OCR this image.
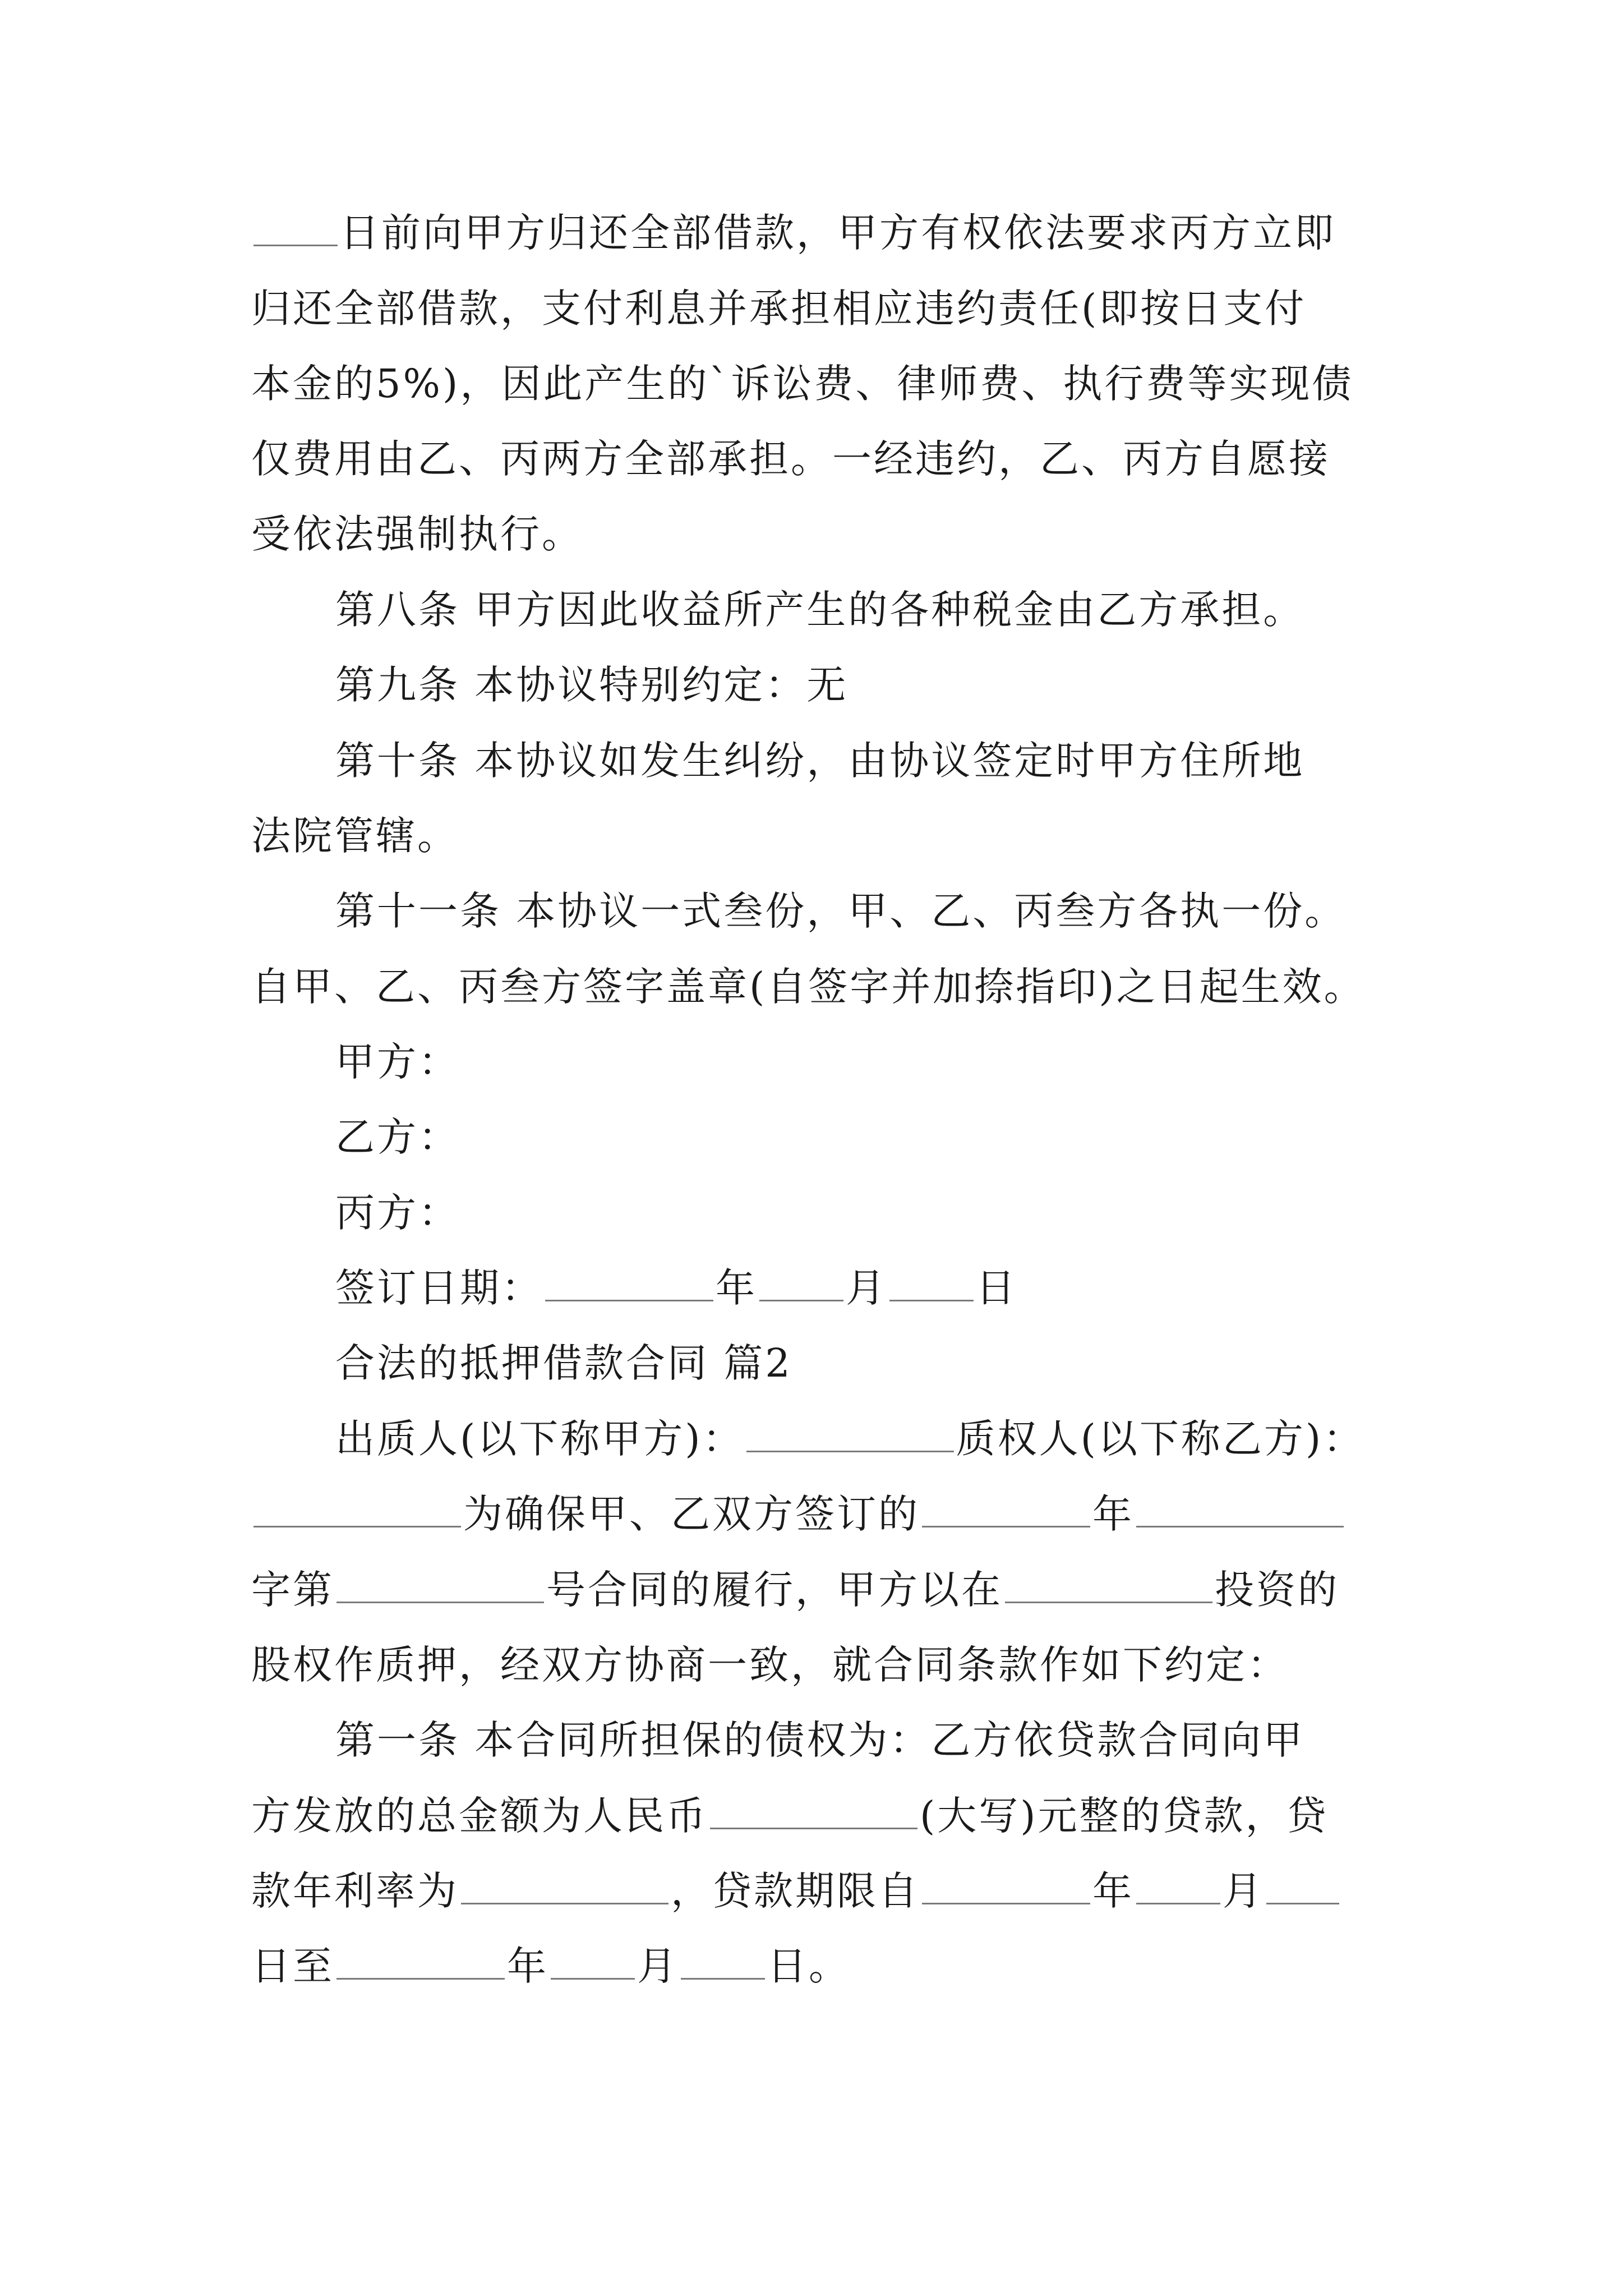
日前向甲方归还全部借款，甲方有权依法要求丙方立即
归还全部借款，支付利息并承担相应违约责任(即按日支付
本金的5%)，因此产生的`诉讼费、律师费、执行费等实现债
仅费用由乙、丙两方全部承担。一经违约，乙、丙方自愿接
受依法强制执行。
第八条 甲方因此收益所产生的各种税金由乙方承担。
第九条 本协议特别约定：无
第十条 本协议如发生纠纷，由协议签定时甲方住所地
法院管辖。
第十一条 本协议一式叁份，甲、乙、丙叁方各执一份。
自甲、乙、丙叁方签字盖章(自签字并加捺指印)之日起生效。
甲方：
乙方：
丙方：
签订日期：	年 月 日
合法的抵押借款合同 篇2
出质人(以下称甲方)：	质权人(以下称乙方)：
为确保甲、乙双方签订的	年
字第	号合同的履行，甲方以在	投资的
股权作质押，经双方协商一致，就合同条款作如下约定：
第一条 本合同所担保的债权为：乙方依贷款合同向甲
方发放的总金额为人民币	(大写)元整的贷款，贷
款年利率为	，贷款期限自	年 月
日至	年 月 日。
